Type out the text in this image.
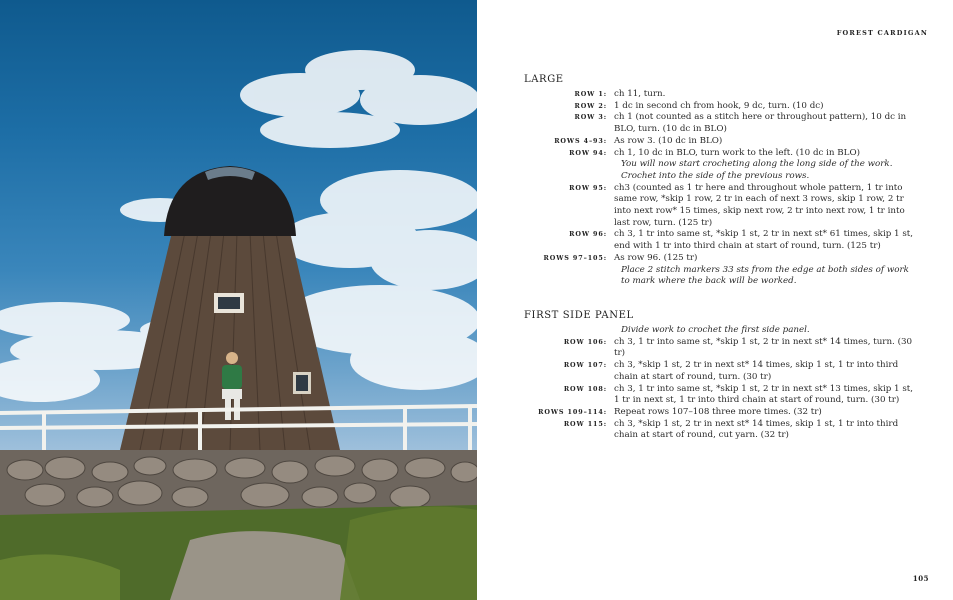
FOREST CARDIGAN
LARGE
ROW 1: ch 11, turn.
ROW 2: 1 dc in second ch from hook, 9 dc, turn. (10 dc)
ROW 3: ch 1 (not counted as a stitch here or throughout pattern), 10 dc in BLO, turn. (10 dc in BLO)
ROWS 4–93: As row 3. (10 dc in BLO)
ROW 94: ch 1, 10 dc in BLO, turn work to the left. (10 dc in BLO)
You will now start crocheting along the long side of the work. Crochet into the side of the previous rows.
ROW 95: ch3 (counted as 1 tr here and throughout whole pattern, 1 tr into same row, *skip 1 row, 2 tr in each of next 3 rows, skip 1 row, 2 tr into next row* 15 times, skip next row, 2 tr into next row, 1 tr into last row, turn. (125 tr)
ROW 96: ch 3, 1 tr into same st, *skip 1 st, 2 tr in next st* 61 times, skip 1 st, end with 1 tr into third chain at start of round, turn. (125 tr)
ROWS 97–105: As row 96. (125 tr)
Place 2 stitch markers 33 sts from the edge at both sides of work to mark where the back will be worked.
FIRST SIDE PANEL
Divide work to crochet the first side panel.
ROW 106: ch 3, 1 tr into same st, *skip 1 st, 2 tr in next st* 14 times, turn. (30 tr)
ROW 107: ch 3, *skip 1 st, 2 tr in next st* 14 times, skip 1 st, 1 tr into third chain at start of round, turn. (30 tr)
ROW 108: ch 3, 1 tr into same st, *skip 1 st, 2 tr in next st* 13 times, skip 1 st, 1 tr in next st, 1 tr into third chain at start of round, turn. (30 tr)
ROWS 109–114: Repeat rows 107–108 three more times. (32 tr)
ROW 115: ch 3, *skip 1 st, 2 tr in next st* 14 times, skip 1 st, 1 tr into third chain at start of round, cut yarn. (32 tr)
105
